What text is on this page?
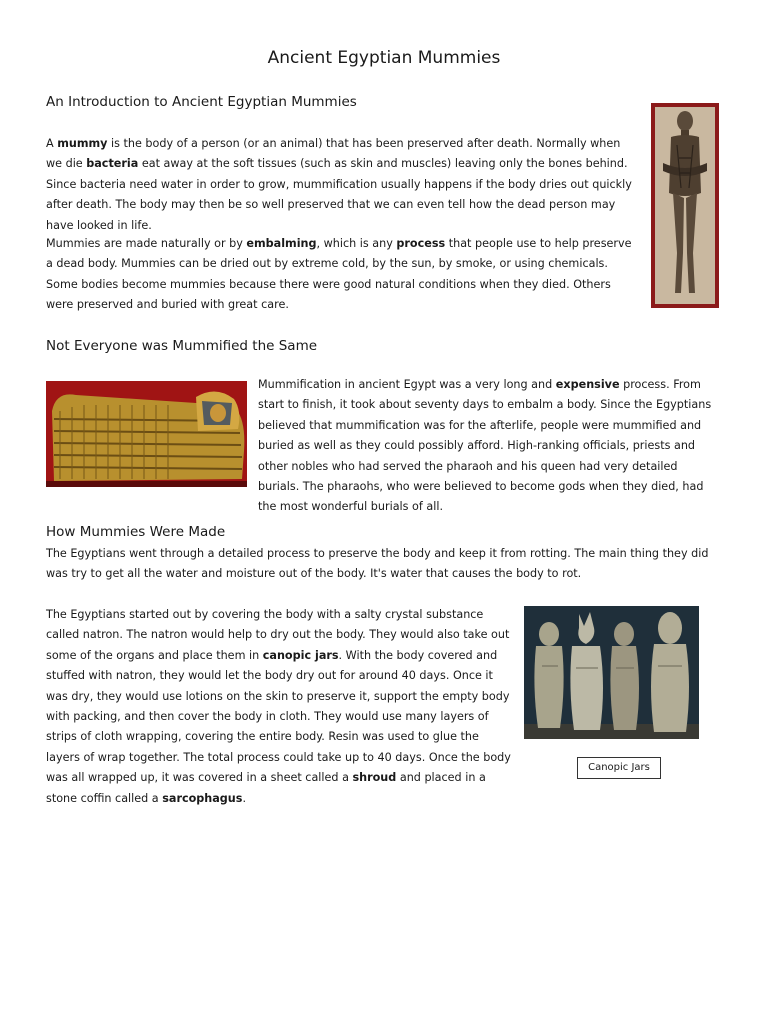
Ancient Egyptian Mummies
An Introduction to Ancient Egyptian Mummies

A mummy is the body of a person (or an animal) that has been preserved after death. Normally when we die bacteria eat away at the soft tissues (such as skin and muscles) leaving only the bones behind. Since bacteria need water in order to grow, mummification usually happens if the body dries out quickly after death. The body may then be so well preserved that we can even tell how the dead person may have looked in life.

Mummies are made naturally or by embalming, which is any process that people use to help preserve a dead body. Mummies can be dried out by extreme cold, by the sun, by smoke, or using chemicals. Some bodies become mummies because there were good natural conditions when they died. Others were preserved and buried with great care.

Not Everyone was Mummified the Same

Mummification in ancient Egypt was a very long and expensive process. From start to finish, it took about seventy days to embalm a body. Since the Egyptians believed that mummification was for the afterlife, people were mummified and buried as well as they could possibly afford. High-ranking officials, priests and other nobles who had served the pharaoh and his queen had very detailed burials. The pharaohs, who were believed to become gods when they died, had the most wonderful burials of all.

How Mummies Were Made

The Egyptians went through a detailed process to preserve the body and keep it from rotting. The main thing they did was try to get all the water and moisture out of the body. It's water that causes the body to rot.

The Egyptians started out by covering the body with a salty crystal substance called natron. The natron would help to dry out the body. They would also take out some of the organs and place them in canopic jars. With the body covered and stuffed with natron, they would let the body dry out for around 40 days. Once it was dry, they would use lotions on the skin to preserve it, support the empty body with packing, and then cover the body in cloth. They would use many layers of strips of cloth wrapping, covering the entire body. Resin was used to glue the layers of wrap together. The total process could take up to 40 days. Once the body was all wrapped up, it was covered in a sheet called a shroud and placed in a stone coffin called a sarcophagus.

Canopic Jars
